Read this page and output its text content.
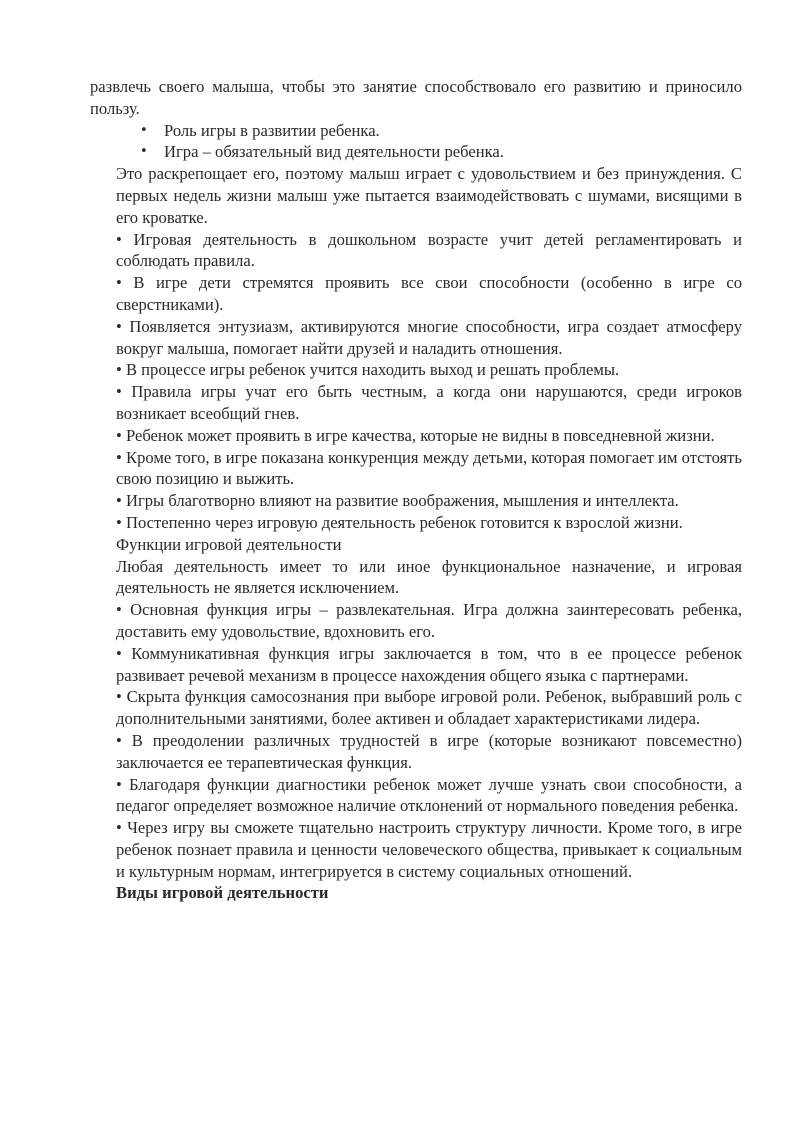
развлечь своего малыша, чтобы это занятие способствовало его развитию и приносило пользу.

• Роль игры в развитии ребенка.
• Игра – обязательный вид деятельности ребенка.

Это раскрепощает его, поэтому малыш играет с удовольствием и без принуждения. С первых недель жизни малыш уже пытается взаимодействовать с шумами, висящими в его кроватке.

• Игровая деятельность в дошкольном возрасте учит детей регламентировать и соблюдать правила.

• В игре дети стремятся проявить все свои способности (особенно в игре со сверстниками).

• Появляется энтузиазм, активируются многие способности, игра создает атмосферу вокруг малыша, помогает найти друзей и наладить отношения.

• В процессе игры ребенок учится находить выход и решать проблемы.

• Правила игры учат его быть честным, а когда они нарушаются, среди игроков возникает всеобщий гнев.

• Ребенок может проявить в игре качества, которые не видны в повседневной жизни.

• Кроме того, в игре показана конкуренция между детьми, которая помогает им отстоять свою позицию и выжить.

• Игры благотворно влияют на развитие воображения, мышления и интеллекта.

• Постепенно через игровую деятельность ребенок готовится к взрослой жизни.

Функции игровой деятельности

Любая деятельность имеет то или иное функциональное назначение, и игровая деятельность не является исключением.

• Основная функция игры – развлекательная. Игра должна заинтересовать ребенка, доставить ему удовольствие, вдохновить его.

• Коммуникативная функция игры заключается в том, что в ее процессе ребенок развивает речевой механизм в процессе нахождения общего языка с партнерами.

• Скрыта функция самосознания при выборе игровой роли. Ребенок, выбравший роль с дополнительными занятиями, более активен и обладает характеристиками лидера.

• В преодолении различных трудностей в игре (которые возникают повсеместно) заключается ее терапевтическая функция.

• Благодаря функции диагностики ребенок может лучше узнать свои способности, а педагог определяет возможное наличие отклонений от нормального поведения ребенка.

• Через игру вы сможете тщательно настроить структуру личности. Кроме того, в игре ребенок познает правила и ценности человеческого общества, привыкает к социальным и культурным нормам, интегрируется в систему социальных отношений.

Виды игровой деятельности
